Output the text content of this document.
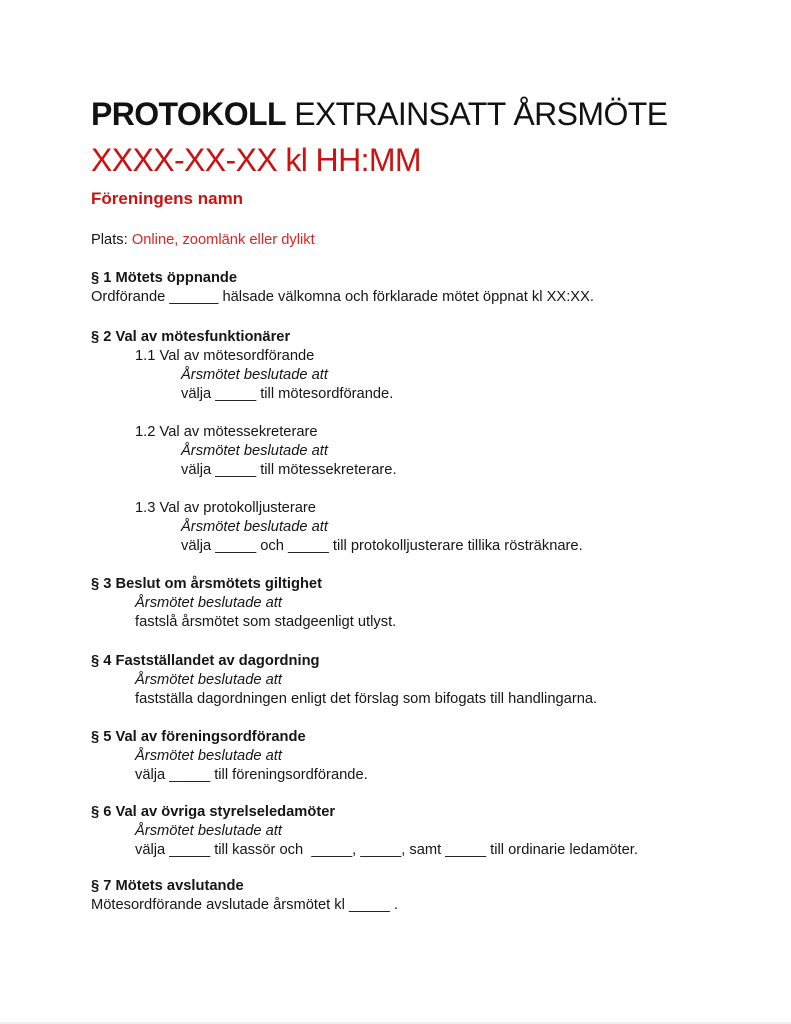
PROTOKOLL EXTRAINSATT ÅRSMÖTE
XXXX-XX-XX kl HH:MM
Föreningens namn
Plats: Online, zoomlänk eller dylikt
§ 1 Mötets öppnande
Ordförande ______ hälsade välkomna och förklarade mötet öppnat kl XX:XX.
§ 2 Val av mötesfunktionärer
1.1 Val av mötesordförande
Årsmötet beslutade att
välja _____ till mötesordförande.
1.2 Val av mötessekreterare
Årsmötet beslutade att
välja _____ till mötessekreterare.
1.3 Val av protokolljusterare
Årsmötet beslutade att
välja _____ och _____ till protokolljusterare tillika rösträknare.
§ 3 Beslut om årsmötets giltighet
Årsmötet beslutade att
fastslå årsmötet som stadgeenligt utlyst.
§ 4 Fastställandet av dagordning
Årsmötet beslutade att
fastställa dagordningen enligt det förslag som bifogats till handlingarna.
§ 5 Val av föreningsordförande
Årsmötet beslutade att
välja _____ till föreningsordförande.
§ 6 Val av övriga styrelseledamöter
Årsmötet beslutade att
välja _____ till kassör och  _____, _____, samt _____ till ordinarie ledamöter.
§ 7 Mötets avslutande
Mötesordförande avslutade årsmötet kl _____ .
